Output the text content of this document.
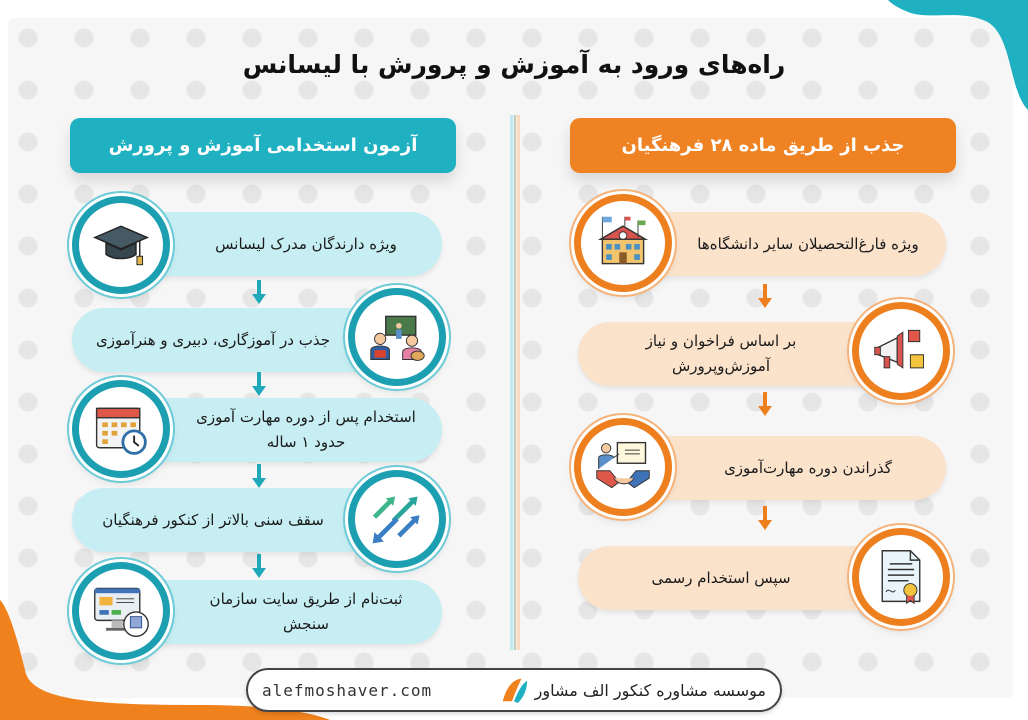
راه‌های ورود به آموزش و پرورش با لیسانس
آزمون استخدامی آموزش و پرورش
ویژه دارندگان مدرک لیسانس
جذب در آموزگاری، دبیری و هنرآموزی
استخدام پس از دوره مهارت آموزی حدود ۱ ساله
سقف سنی بالاتر از کنکور فرهنگیان
ثبت‌نام از طریق سایت سازمان سنجش
جذب از طریق ماده ۲۸ فرهنگیان
ویژه فارغ‌التحصیلان سایر دانشگاه‌ها
بر اساس فراخوان و نیاز آموزش‌وپرورش
گذراندن دوره مهارت‌آموزی
سپس استخدام رسمی
موسسه مشاوره کنکور الف مشاور
alefmoshaver.com
